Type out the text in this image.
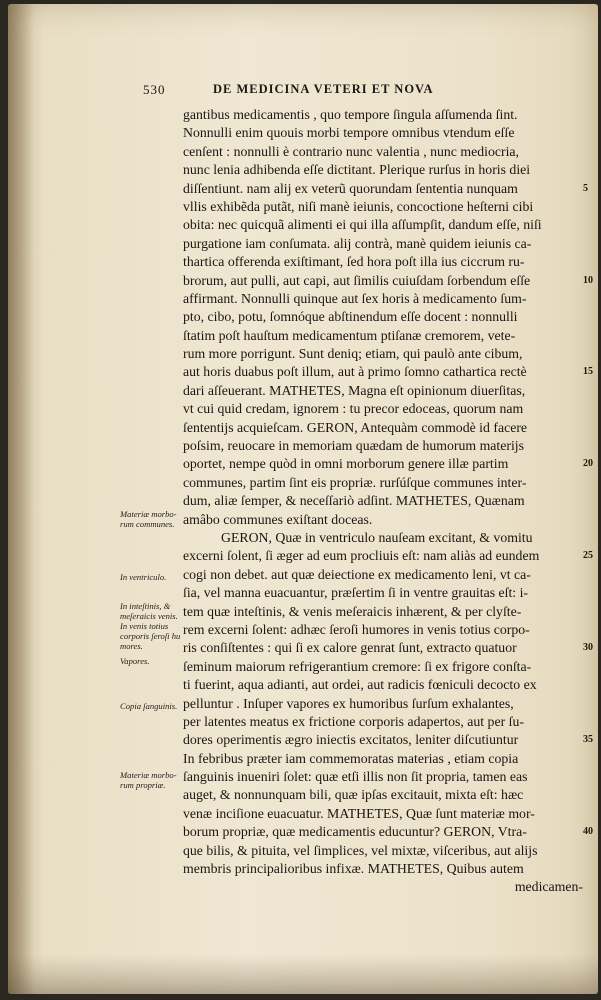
530	DE MEDICINA VETERI ET NOVA
gantibus medicamentis , quo tempore ſingula aſſumenda ſint.
Nonnulli enim quouis morbi tempore omnibus vtendum eſſe
cenſent : nonnulli è contrario nunc valentia , nunc mediocria,
nunc lenia adhibenda eſſe dictitant. Plerique rurſus in horis diei
diſſentiunt. nam alij ex veterũ quorundam ſententia nunquam	5
vllis exhibẽda putãt, niſi manè ieiunis, concoctione heſterni cibi
obita: nec quicquã alimenti ei qui illa aſſumpſit, dandum eſſe, niſi
purgatione iam conſumata. alij contrà, manè quidem ieiunis ca-
thartica offerenda exiſtimant, ſed hora poſt illa ius ciccrum ru-
brorum, aut pulli, aut capi, aut ſimilis cuiuſdam ſorbendum eſſe	10
affirmant. Nonnulli quinque aut ſex horis à medicamento ſum-
pto, cibo, potu, ſomnóque abſtinendum eſſe docent : nonnulli
ſtatim poſt hauſtum medicamentum ptiſanæ cremorem, vete-
rum more porrigunt. Sunt deniq; etiam, qui paulò ante cibum,
aut horis duabus poſt illum, aut à primo ſomno cathartica rectè	15
dari aſſeuerant. MATHETES, Magna eſt opinionum diuerſitas,
vt cui quid credam, ignorem : tu precor edoceas, quorum nam
ſententijs acquieſcam. GERON, Antequàm commodè id facere
poſsim, reuocare in memoriam quædam de humorum materijs
oportet, nempe quòd in omni morborum genere illæ partim	20
communes, partim ſint eis propriæ. rurſúſque communes inter-
dum, aliæ ſemper, & neceſſariò adſint. MATHETES, Quænam
amâbo communes exiſtant doceas.
GERON, Quæ in ventriculo nauſeam excitant, & vomitu
excerni ſolent, ſi æger ad eum procliuis eſt: nam aliàs ad eundem	25
cogi non debet. aut quæ deiectione ex medicamento leni, vt ca-
ſia, vel manna euacuantur, præſertim ſi in ventre grauitas eſt: i-
tem quæ inteſtinis, & venis meſeraicis inhærent, & per clyſte-
rem excerni ſolent: adhæc ſeroſi humores in venis totius corpo-
ris conſiſtentes : qui ſi ex calore genrat ſunt, extracto quatuor	30
ſeminum maiorum refrigerantium cremore: ſi ex frigore conſta-
ti fuerint, aqua adianti, aut ordei, aut radicis fœniculi decocto ex
pelluntur . Inſuper vapores ex humoribus ſurſum exhalantes,
per latentes meatus ex frictione corporis adapertos, aut per ſu-
dores operimentis ægro iniectis excitatos, leniter diſcutiuntur	35
In febribus præter iam commemoratas materias , etiam copia
ſanguinis inueniri ſolet: quæ etſi illis non ſit propria, tamen eas
auget, & nonnunquam bili, quæ ipſas excitauit, mixta eſt: hæc
venæ inciſione euacuatur. MATHETES, Quæ ſunt materiæ mor-
borum propriæ, quæ medicamentis educuntur? GERON, Vtra-	40
que bilis, & pituita, vel ſimplices, vel mixtæ, viſceribus, aut alijs
membris principalioribus infixæ. MATHETES, Quibus autem
medicamen-
Materiæ morbo-
rum communes.
In ventriculo.
In inteſtinis, &
meſeraicis venis.
In venis totius
corporis ſeroſi hu
mores.
Vapores.
Copia ſanguinis.
Materiæ morbo-
rum propriæ.
